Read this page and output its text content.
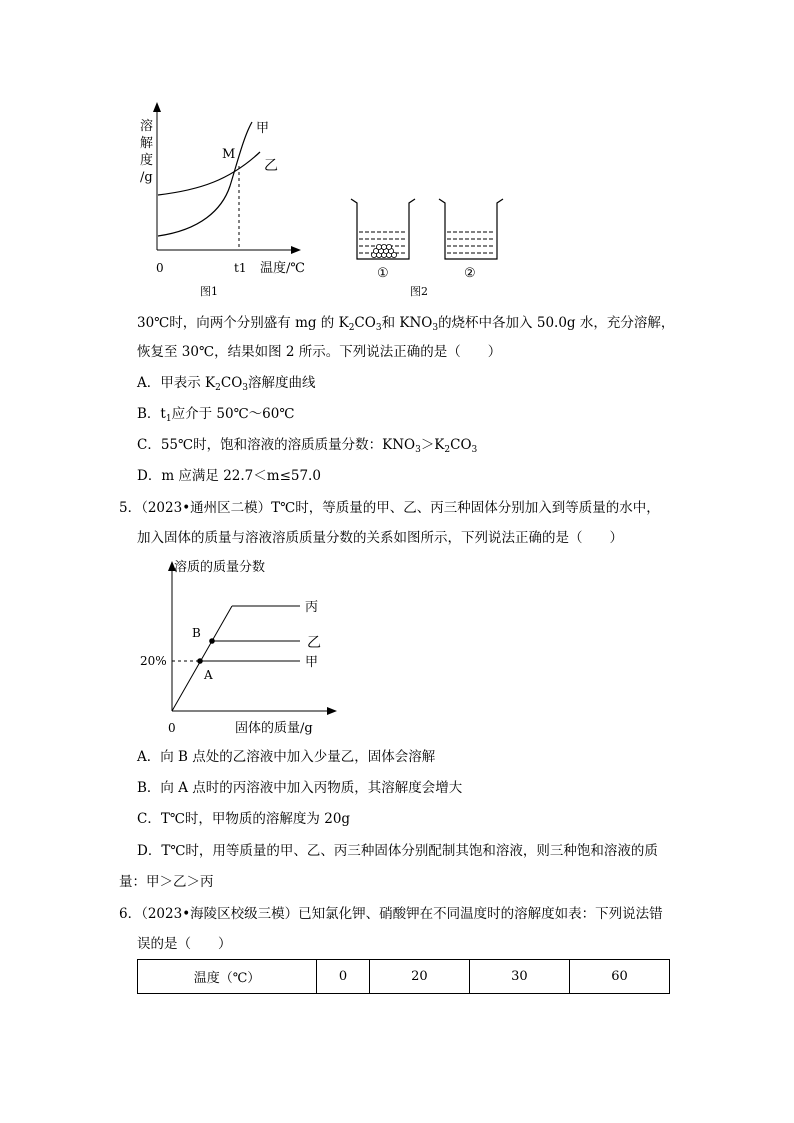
溶
解
度
/g
甲
乙
M
0	t1 温度/℃
图1
①	②
图2
30℃时，向两个分别盛有 mg 的 $K_2CO_3$和 $KNO_3$的烧杯中各加入 50.0g 水，充分溶解，
恢复至 30℃，结果如图 2 所示。下列说法正确的是（　　）
A．甲表示 $K_2CO_3$溶解度曲线
B．$t_1$应介于 50℃～60℃
C．55℃时，饱和溶液的溶质质量分数：$KNO_3>K_2CO_3$
D．m 应满足 22.7＜m≤57.0
5．（2023•通州区二模）T℃时，等质量的甲、乙、丙三种固体分别加入到等质量的水中，
加入固体的质量与溶液溶质质量分数的关系如图所示，下列说法正确的是（　　）
溶质的质量分数
丙
乙
甲
B
A
20%
0	固体的质量/g
A．向 B 点处的乙溶液中加入少量乙，固体会溶解
B．向 A 点时的丙溶液中加入丙物质，其溶解度会增大
C．T℃时，甲物质的溶解度为 20g
D．T℃时，用等质量的甲、乙、丙三种固体分别配制其饱和溶液，则三种饱和溶液的质
量：甲＞乙＞丙
6．（2023•海陵区校级三模）已知氯化钾、硝酸钾在不同温度时的溶解度如表：下列说法错
误的是（　　）
温度（℃）	0	20	30	60
